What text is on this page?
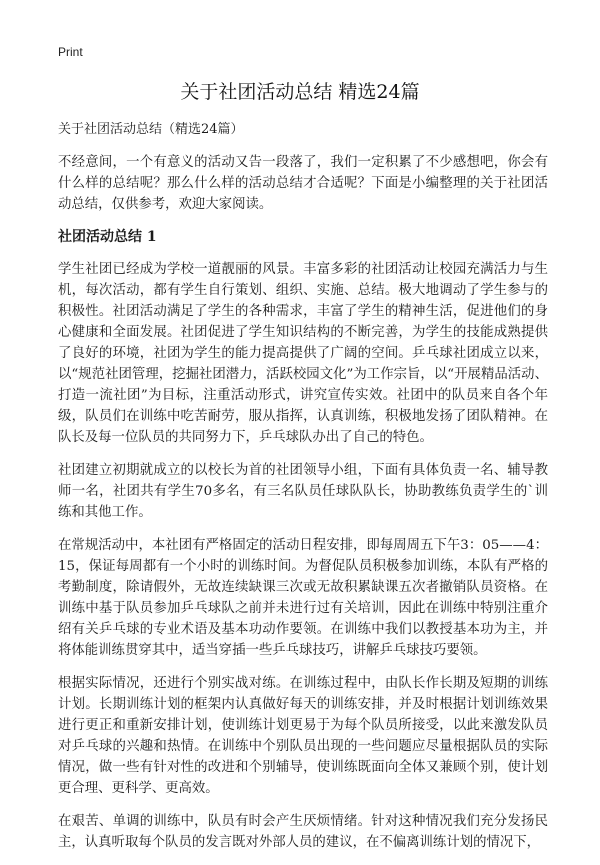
Print
关于社团活动总结 精选24篇

关于社团活动总结（精选24篇）

不经意间，一个有意义的活动又告一段落了，我们一定积累了不少感想吧，你会有什么样的总结呢？那么什么样的活动总结才合适呢？下面是小编整理的关于社团活动总结，仅供参考，欢迎大家阅读。

社团活动总结 1

学生社团已经成为学校一道靓丽的风景。丰富多彩的社团活动让校园充满活力与生机，每次活动，都有学生自行策划、组织、实施、总结。极大地调动了学生参与的积极性。社团活动满足了学生的各种需求，丰富了学生的精神生活，促进他们的身心健康和全面发展。社团促进了学生知识结构的不断完善，为学生的技能成熟提供了良好的环境，社团为学生的能力提高提供了广阔的空间。乒乓球社团成立以来，以“规范社团管理，挖掘社团潜力，活跃校园文化”为工作宗旨，以“开展精品活动、打造一流社团”为目标，注重活动形式，讲究宣传实效。社团中的队员来自各个年级，队员们在训练中吃苦耐劳，服从指挥，认真训练，积极地发扬了团队精神。在队长及每一位队员的共同努力下，乒乓球队办出了自己的特色。

社团建立初期就成立的以校长为首的社团领导小组，下面有具体负责一名、辅导教师一名，社团共有学生70多名，有三名队员任球队队长，协助教练负责学生的`训练和其他工作。

在常规活动中，本社团有严格固定的活动日程安排，即每周周五下午3：05——4：15，保证每周都有一个小时的训练时间。为督促队员积极参加训练，本队有严格的考勤制度，除请假外，无故连续缺课三次或无故积累缺课五次者撤销队员资格。在训练中基于队员参加乒乓球队之前并未进行过有关培训，因此在训练中特别注重介绍有关乒乓球的专业术语及基本功动作要领。在训练中我们以教授基本功为主，并将体能训练贯穿其中，适当穿插一些乒乓球技巧，讲解乒乓球技巧要领。

根据实际情况，还进行个别实战对练。在训练过程中，由队长作长期及短期的训练计划。长期训练计划的框架内认真做好每天的训练安排，并及时根据计划训练效果进行更正和重新安排计划，使训练计划更易于为每个队员所接受，以此来激发队员对乒乓球的兴趣和热情。在训练中个别队员出现的一些问题应尽量根据队员的实际情况，做一些有针对性的改进和个别辅导，使训练既面向全体又兼顾个别，使计划更合理、更科学、更高效。

在艰苦、单调的训练中，队员有时会产生厌烦情绪。针对这种情况我们充分发扬民主，认真听取每个队员的发言既对外部人员的建议，在不偏离训练计划的情况下，
